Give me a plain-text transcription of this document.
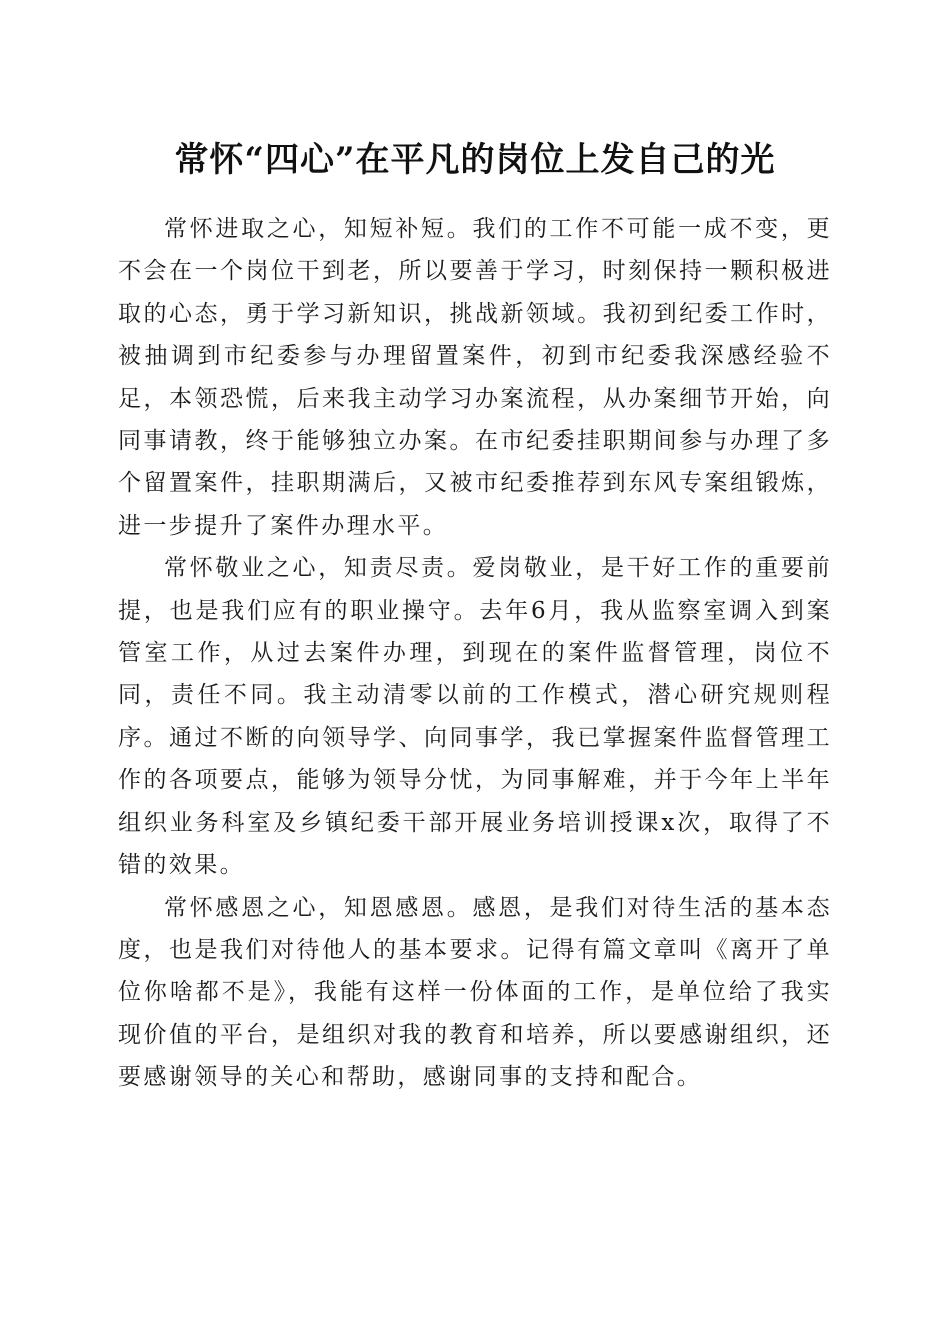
常怀“四心”在平凡的岗位上发自己的光

常怀进取之心，知短补短。我们的工作不可能一成不变，更不会在一个岗位干到老，所以要善于学习，时刻保持一颗积极进取的心态，勇于学习新知识，挑战新领域。我初到纪委工作时，被抽调到市纪委参与办理留置案件，初到市纪委我深感经验不足，本领恐慌，后来我主动学习办案流程，从办案细节开始，向同事请教，终于能够独立办案。在市纪委挂职期间参与办理了多个留置案件，挂职期满后，又被市纪委推荐到东风专案组锻炼，进一步提升了案件办理水平。

常怀敬业之心，知责尽责。爱岗敬业，是干好工作的重要前提，也是我们应有的职业操守。去年6月，我从监察室调入到案管室工作，从过去案件办理，到现在的案件监督管理，岗位不同，责任不同。我主动清零以前的工作模式，潜心研究规则程序。通过不断的向领导学、向同事学，我已掌握案件监督管理工作的各项要点，能够为领导分忧，为同事解难，并于今年上半年组织业务科室及乡镇纪委干部开展业务培训授课x次，取得了不错的效果。

常怀感恩之心，知恩感恩。感恩，是我们对待生活的基本态度，也是我们对待他人的基本要求。记得有篇文章叫《离开了单位你啥都不是》，我能有这样一份体面的工作，是单位给了我实现价值的平台，是组织对我的教育和培养，所以要感谢组织，还要感谢领导的关心和帮助，感谢同事的支持和配合。
